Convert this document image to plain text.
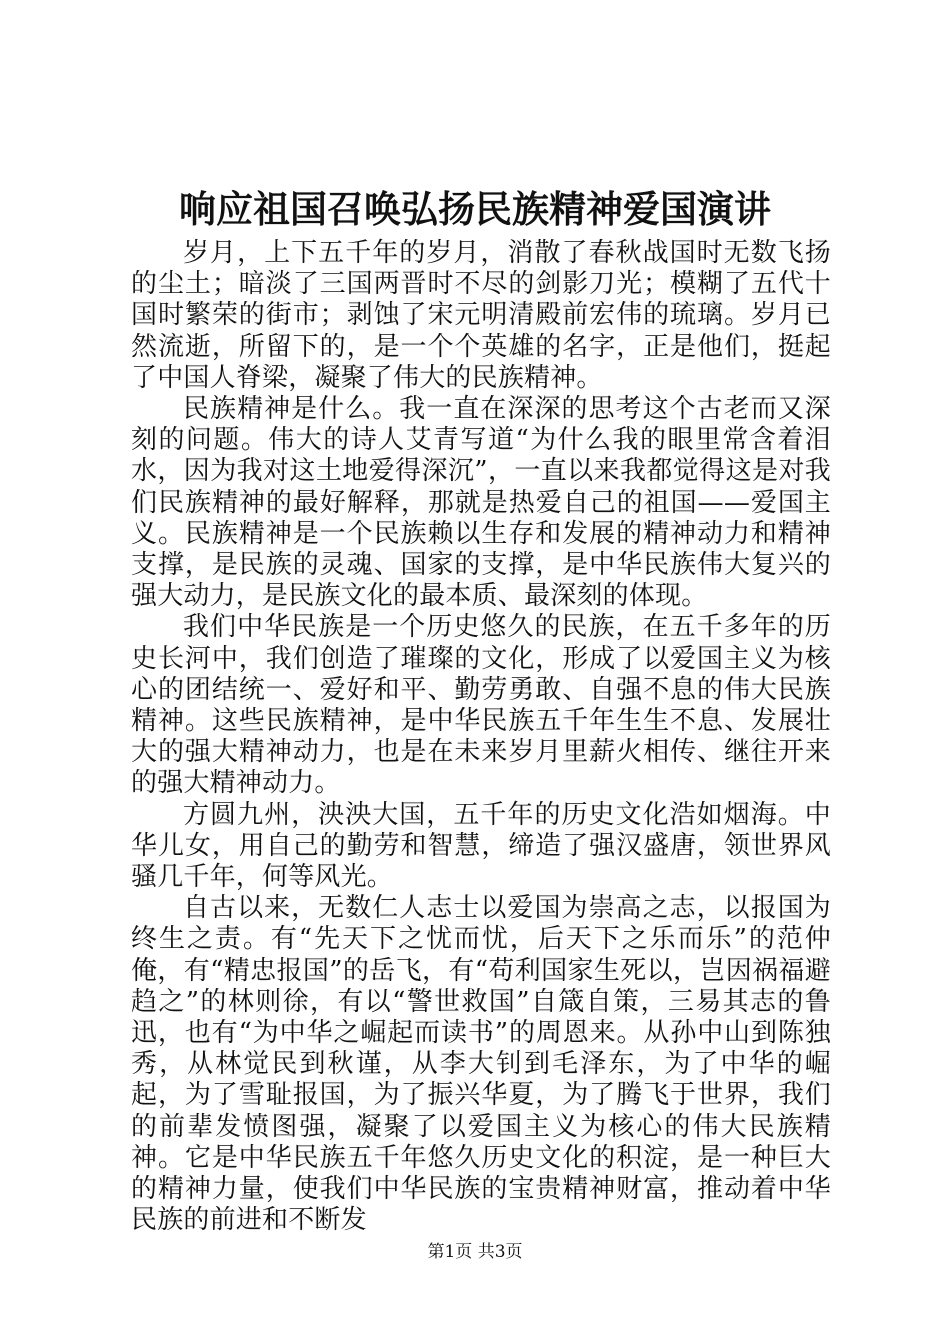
响应祖国召唤弘扬民族精神爱国演讲

岁月，上下五千年的岁月，消散了春秋战国时无数飞扬的尘土；暗淡了三国两晋时不尽的剑影刀光；模糊了五代十国时繁荣的街市；剥蚀了宋元明清殿前宏伟的琉璃。岁月已然流逝，所留下的，是一个个英雄的名字，正是他们，挺起了中国人脊梁，凝聚了伟大的民族精神。

民族精神是什么。我一直在深深的思考这个古老而又深刻的问题。伟大的诗人艾青写道“为什么我的眼里常含着泪水，因为我对这土地爱得深沉”，一直以来我都觉得这是对我们民族精神的最好解释，那就是热爱自己的祖国——爱国主义。民族精神是一个民族赖以生存和发展的精神动力和精神支撑，是民族的灵魂、国家的支撑，是中华民族伟大复兴的强大动力，是民族文化的最本质、最深刻的体现。

我们中华民族是一个历史悠久的民族，在五千多年的历史长河中，我们创造了璀璨的文化，形成了以爱国主义为核心的团结统一、爱好和平、勤劳勇敢、自强不息的伟大民族精神。这些民族精神，是中华民族五千年生生不息、发展壮大的强大精神动力，也是在未来岁月里薪火相传、继往开来的强大精神动力。

方圆九州，泱泱大国，五千年的历史文化浩如烟海。中华儿女，用自己的勤劳和智慧，缔造了强汉盛唐，领世界风骚几千年，何等风光。

自古以来，无数仁人志士以爱国为崇高之志，以报国为终生之责。有“先天下之忧而忧，后天下之乐而乐”的范仲俺，有“精忠报国”的岳飞，有“苟利国家生死以，岂因祸福避趋之”的林则徐，有以“警世救国”自箴自策，三易其志的鲁迅，也有“为中华之崛起而读书”的周恩来。从孙中山到陈独秀，从林觉民到秋谨，从李大钊到毛泽东，为了中华的崛起，为了雪耻报国，为了振兴华夏，为了腾飞于世界，我们的前辈发愤图强，凝聚了以爱国主义为核心的伟大民族精神。它是中华民族五千年悠久历史文化的积淀，是一种巨大的精神力量，使我们中华民族的宝贵精神财富，推动着中华民族的前进和不断发

第1页 共3页
